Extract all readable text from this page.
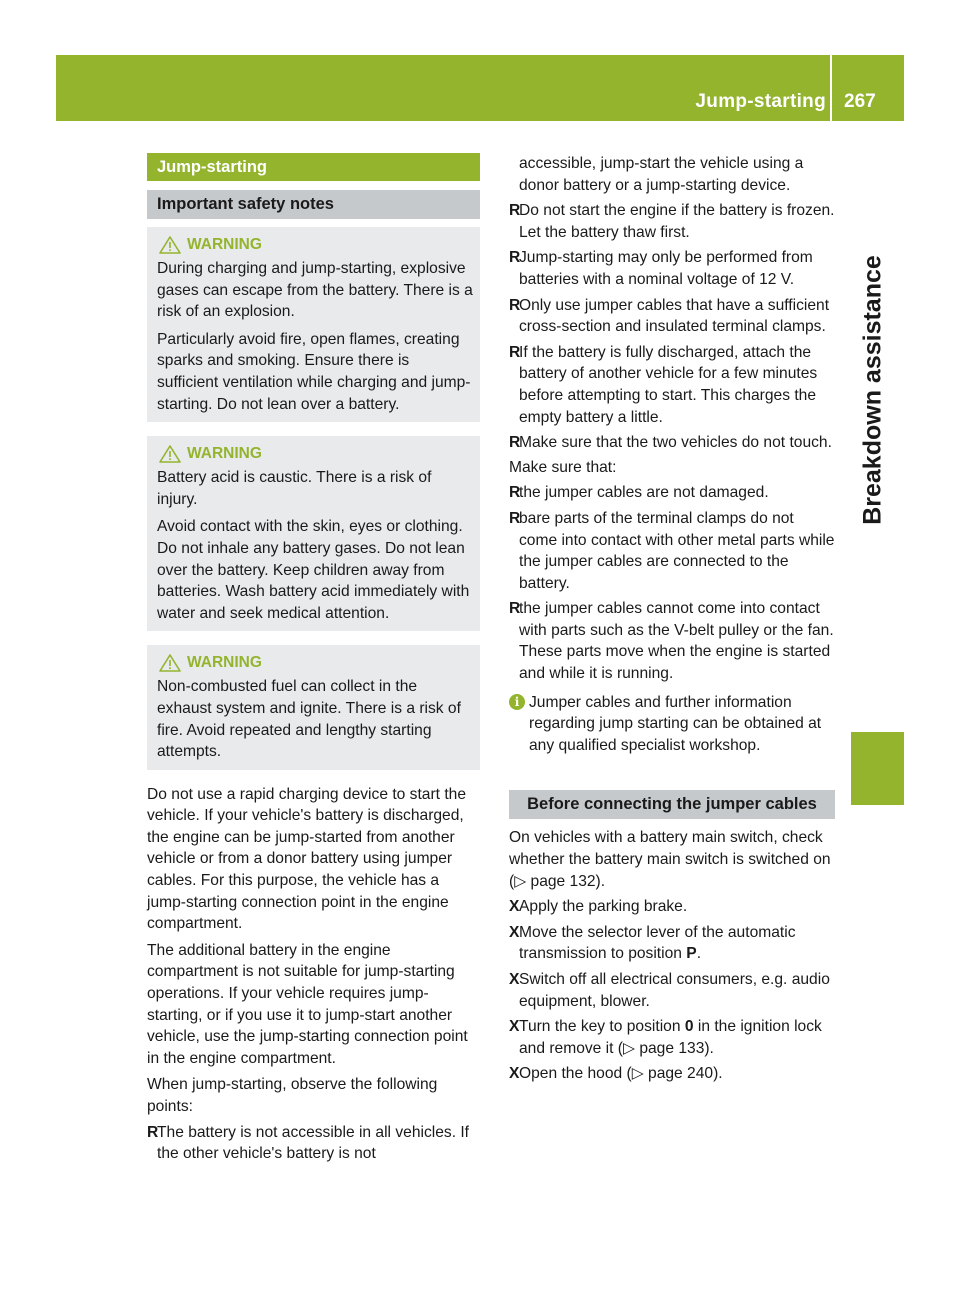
Jump-starting 267
Breakdown assistance
Jump-starting
Important safety notes
WARNING

During charging and jump-starting, explosive gases can escape from the battery. There is a risk of an explosion.

Particularly avoid fire, open flames, creating sparks and smoking. Ensure there is sufficient ventilation while charging and jump-starting. Do not lean over a battery.

WARNING

Battery acid is caustic. There is a risk of injury.

Avoid contact with the skin, eyes or clothing. Do not inhale any battery gases. Do not lean over the battery. Keep children away from batteries. Wash battery acid immediately with water and seek medical attention.

WARNING

Non-combusted fuel can collect in the exhaust system and ignite. There is a risk of fire. Avoid repeated and lengthy starting attempts.

Do not use a rapid charging device to start the vehicle. If your vehicle's battery is discharged, the engine can be jump-started from another vehicle or from a donor battery using jumper cables. For this purpose, the vehicle has a jump-starting connection point in the engine compartment.

The additional battery in the engine compartment is not suitable for jump-starting operations. If your vehicle requires jump-starting, or if you use it to jump-start another vehicle, use the jump-starting connection point in the engine compartment.

When jump-starting, observe the following points:

R
The battery is not accessible in all vehicles. If the other vehicle's battery is not

accessible, jump-start the vehicle using a donor battery or a jump-starting device.

R
Do not start the engine if the battery is frozen. Let the battery thaw first.
R
Jump-starting may only be performed from batteries with a nominal voltage of 12 V.
R
Only use jumper cables that have a sufficient cross-section and insulated terminal clamps.
R
If the battery is fully discharged, attach the battery of another vehicle for a few minutes before attempting to start. This charges the empty battery a little.
R
Make sure that the two vehicles do not touch.

Make sure that:

R
the jumper cables are not damaged.
R
bare parts of the terminal clamps do not come into contact with other metal parts while the jumper cables are connected to the battery.
R
the jumper cables cannot come into contact with parts such as the V-belt pulley or the fan. These parts move when the engine is started and while it is running.
i Jumper cables and further information regarding jump starting can be obtained at any qualified specialist workshop.
Before connecting the jumper cables

On vehicles with a battery main switch, check whether the battery main switch is switched on (▷ page 132).

X Apply the parking brake.
X Move the selector lever of the automatic transmission to position P.
X Switch off all electrical consumers, e.g. audio equipment, blower.
X Turn the key to position 0 in the ignition lock and remove it (▷ page 133).
X Open the hood (▷ page 240).
